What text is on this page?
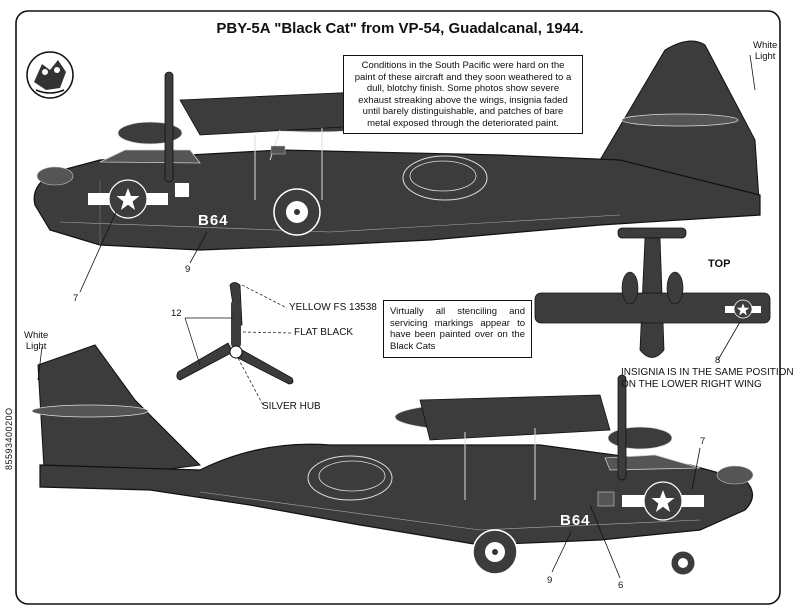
PBY-5A "Black Cat" from VP-54, Guadalcanal, 1944.
Conditions in the South Pacific were hard on the paint of these aircraft and they soon weathered to a dull, blotchy finish. Some photos show severe exhaust streaking above the wings, insignia faded until barely distinguishable, and patches of bare metal exposed through the deteriorated paint.
Virtually all stenciling and servicing markings appear to have been painted over on the Black Cats
White
Light
White
Light
B64
B64
YELLOW FS 13538
FLAT BLACK
SILVER HUB
TOP
INSIGNIA IS IN THE SAME POSITION
ON THE LOWER RIGHT WING
7
9
12
8
7
9	6
8559340020O
